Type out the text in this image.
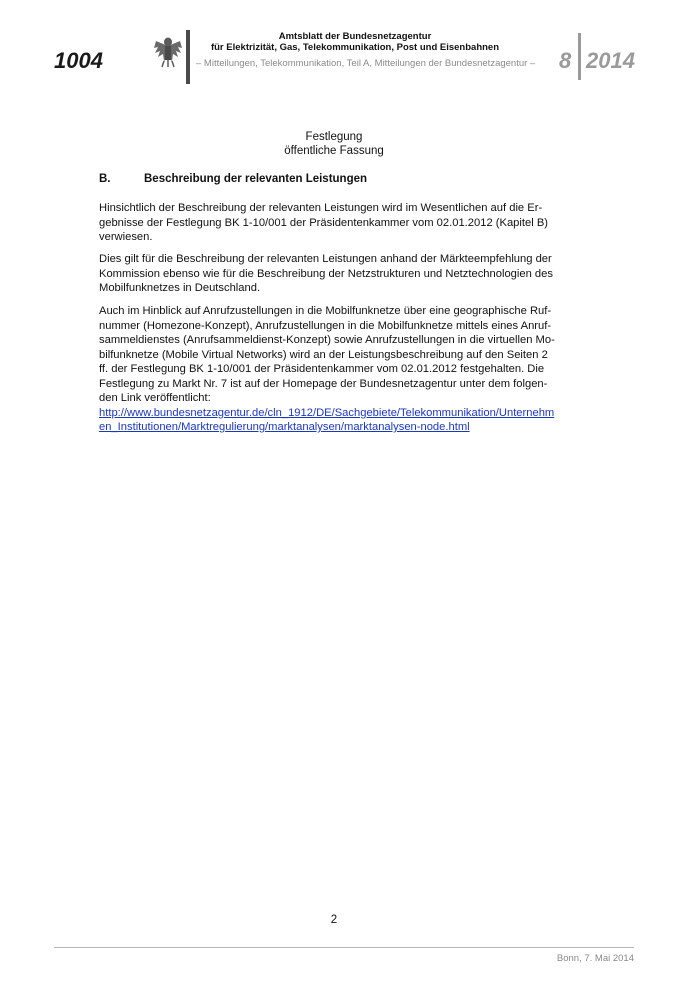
1004
Amtsblatt der Bundesnetzagentur
für Elektrizität, Gas, Telekommunikation, Post und Eisenbahnen
– Mitteilungen, Telekommunikation, Teil A, Mitteilungen der Bundesnetzagentur – 8 2014
Festlegung
öffentliche Fassung
B.	Beschreibung der relevanten Leistungen
Hinsichtlich der Beschreibung der relevanten Leistungen wird im Wesentlichen auf die Er-
gebnisse der Festlegung BK 1-10/001 der Präsidentenkammer vom 02.01.2012 (Kapitel B)
verwiesen.
Dies gilt für die Beschreibung der relevanten Leistungen anhand der Märkteempfehlung der
Kommission ebenso wie für die Beschreibung der Netzstrukturen und Netztechnologien des
Mobilfunknetzes in Deutschland.
Auch im Hinblick auf Anrufzustellungen in die Mobilfunknetze über eine geographische Ruf-
nummer (Homezone-Konzept), Anrufzustellungen in die Mobilfunknetze mittels eines Anruf-
sammeldienstes (Anrufsammeldienst-Konzept) sowie Anrufzustellungen in die virtuellen Mo-
bilfunknetze (Mobile Virtual Networks) wird an der Leistungsbeschreibung auf den Seiten 2
ff. der Festlegung BK 1-10/001 der Präsidentenkammer vom 02.01.2012 festgehalten. Die
Festlegung zu Markt Nr. 7 ist auf der Homepage der Bundesnetzagentur unter dem folgen-
den Link veröffentlicht:
http://www.bundesnetzagentur.de/cln_1912/DE/Sachgebiete/Telekommunikation/Unternehm
en_Institutionen/Marktregulierung/marktanalysen/marktanalysen-node.html
2
Bonn, 7. Mai 2014
